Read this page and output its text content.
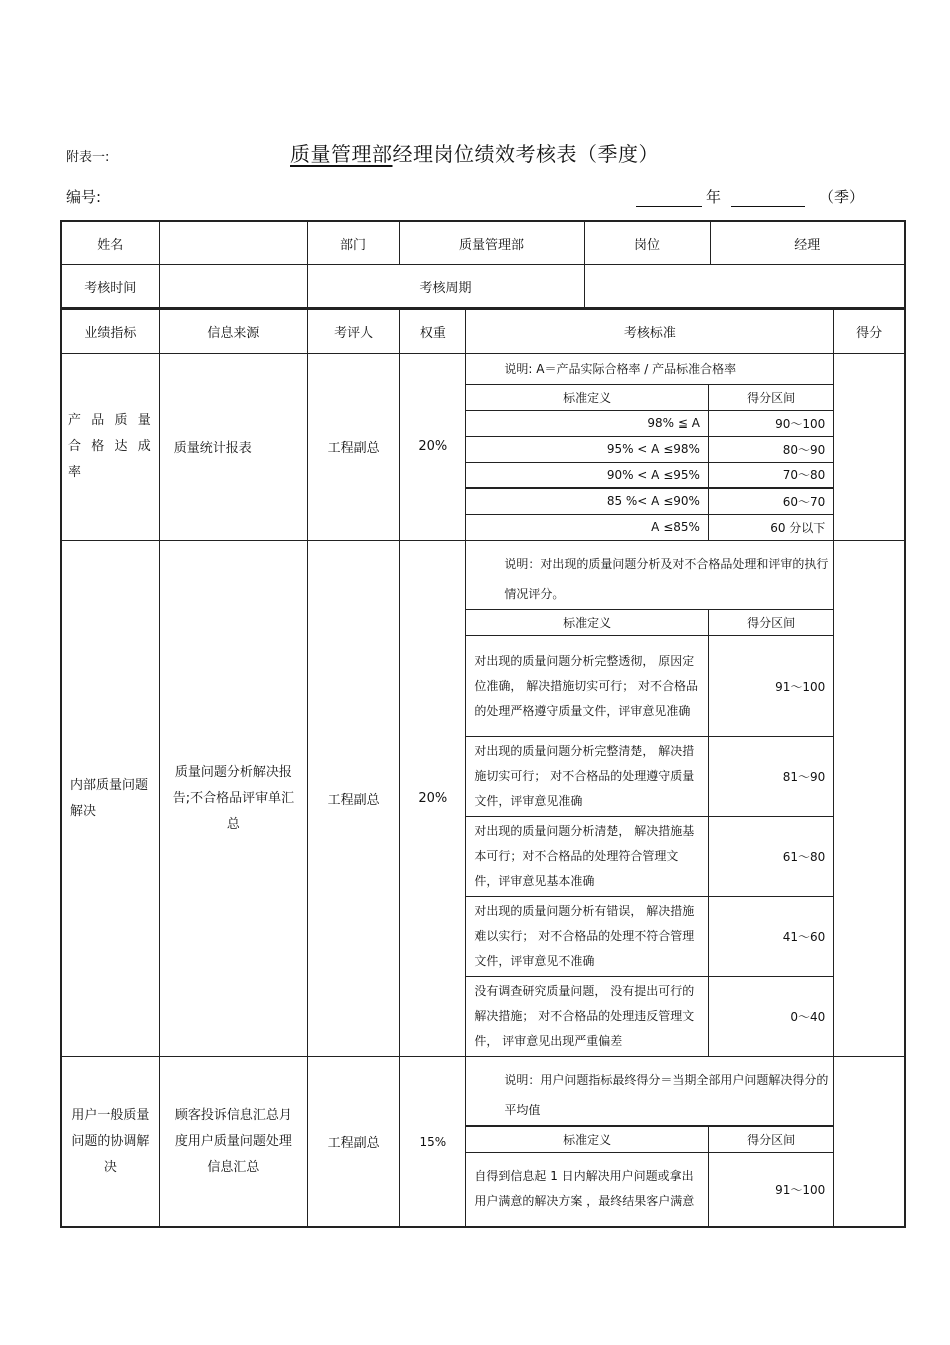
附表一:	质量管理部经理岗位绩效考核表（季度）
编号:	年	（季）
姓名		部门	质量管理部	岗位	经理
考核时间		考核周期			
业绩指标	信息来源	考评人	权重	考核标准	得分

产 品 质 量 合 格 达 成 率
	质量统计报表	工程副总	20%	
说明: A＝产品实际合格率 / 产品标准合格率
标准定义	得分区间
98% ≦ A	90～100
95% < A ≤98%	80～90
90% < A ≤95%	70～80
85 %< A ≤90%	60～70
A ≤85%	60 分以下

内部质量问题解决	质量问题分析解决报告;不合格品评审单汇总	工程副总	20%	
说明：对出现的质量问题分析及对不合格品处理和评审的执行情况评分。
标准定义	得分区间
对出现的质量问题分析完整透彻， 原因定位准确， 解决措施切实可行； 对不合格品的处理严格遵守质量文件，评审意见准确	91～100
对出现的质量问题分析完整清楚， 解决措施切实可行； 对不合格品的处理遵守质量文件，评审意见准确	81～90
对出现的质量问题分析清楚， 解决措施基本可行；对不合格品的处理符合管理文件，评审意见基本准确	61～80
对出现的质量问题分析有错误， 解决措施难以实行； 对不合格品的处理不符合管理文件，评审意见不准确	41～60
没有调查研究质量问题， 没有提出可行的解决措施； 对不合格品的处理违反管理文件， 评审意见出现严重偏差	0～40

用户一般质量问题的协调解决	顾客投诉信息汇总月度用户质量问题处理信息汇总	工程副总	15%	
说明：用户问题指标最终得分＝当期全部用户问题解决得分的平均值
标准定义	得分区间
自得到信息起 1 日内解决用户问题或拿出用户满意的解决方案 ，最终结果客户满意	91～100
